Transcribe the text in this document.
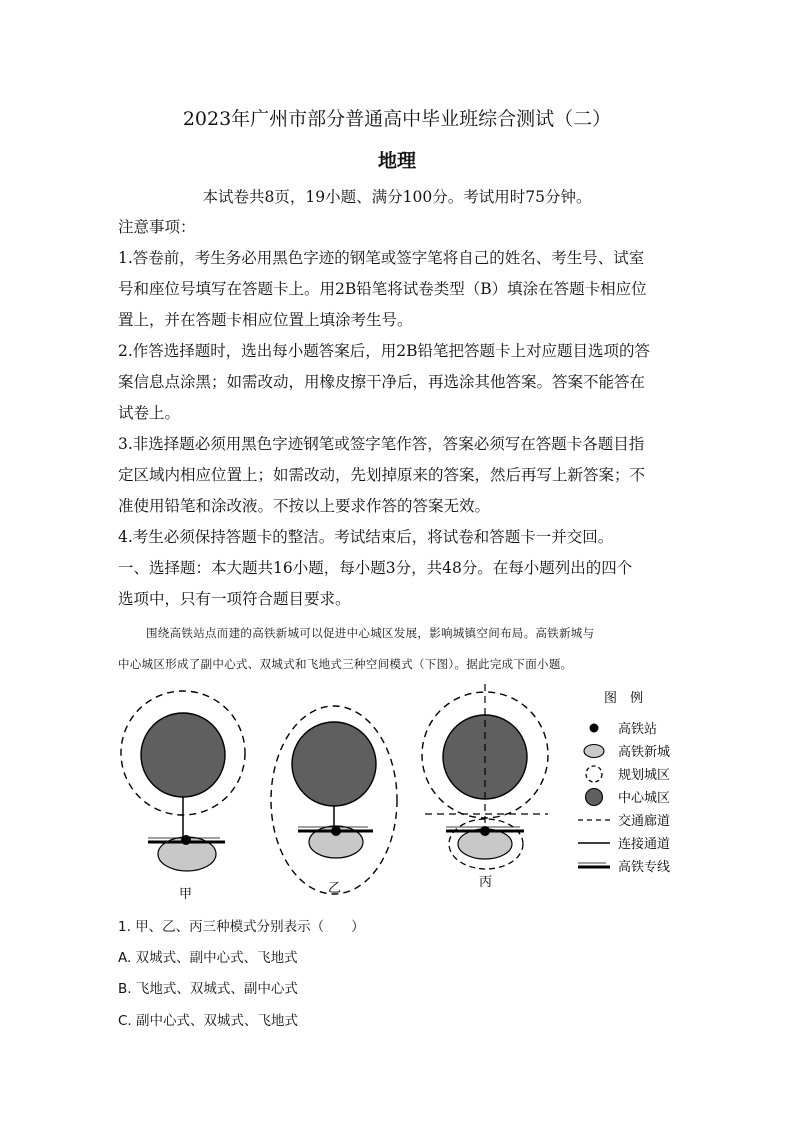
2023年广州市部分普通高中毕业班综合测试（二）
地理
本试卷共8页，19小题、满分100分。考试用时75分钟。
注意事项：
1.答卷前，考生务必用黑色字迹的钢笔或签字笔将自己的姓名、考生号、试室
号和座位号填写在答题卡上。用2B铅笔将试卷类型（B）填涂在答题卡相应位
置上，并在答题卡相应位置上填涂考生号。
2.作答选择题时，选出每小题答案后，用2B铅笔把答题卡上对应题目选项的答
案信息点涂黑；如需改动，用橡皮擦干净后，再选涂其他答案。答案不能答在
试卷上。
3.非选择题必须用黑色字迹钢笔或签字笔作答，答案必须写在答题卡各题目指
定区域内相应位置上；如需改动，先划掉原来的答案，然后再写上新答案；不
准使用铅笔和涂改液。不按以上要求作答的答案无效。
4.考生必须保持答题卡的整洁。考试结束后，将试卷和答题卡一并交回。
一、选择题：本大题共16小题，每小题3分，共48分。在每小题列出的四个
选项中，只有一项符合题目要求。
围绕高铁站点而建的高铁新城可以促进中心城区发展，影响城镇空间布局。高铁新城与
中心城区形成了副中心式、双城式和飞地式三种空间模式（下图）。据此完成下面小题。
甲	乙	丙
图　例
高铁站
高铁新城
规划城区
中心城区
交通廊道
连接通道
高铁专线
1. 甲、乙、丙三种模式分别表示（　　）
A. 双城式、副中心式、飞地式
B. 飞地式、双城式、副中心式
C. 副中心式、双城式、飞地式
